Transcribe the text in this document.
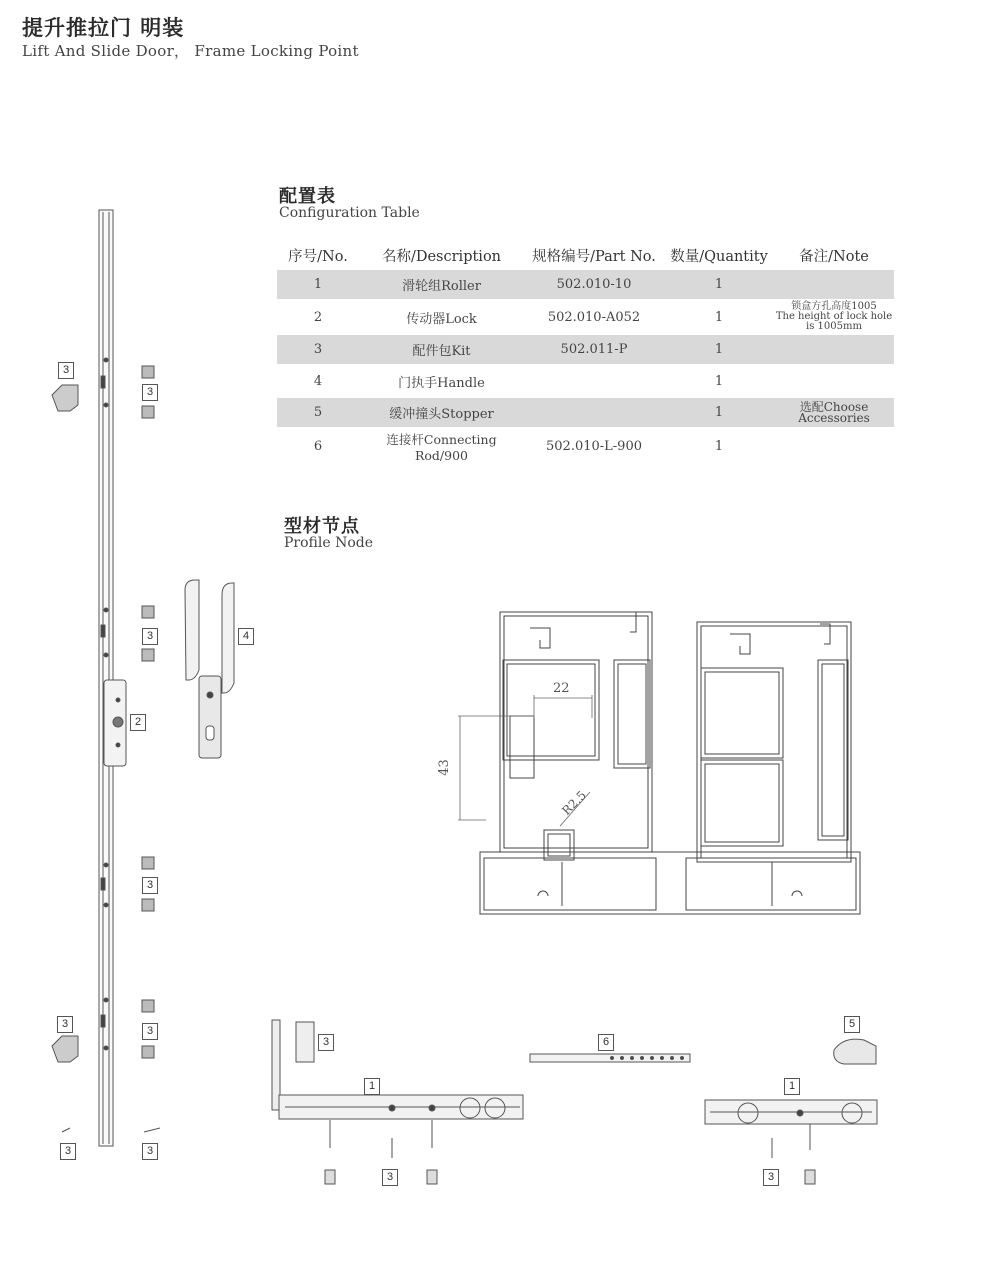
提升推拉门 明装
Lift And Slide Door， Frame Locking Point
配置表
Configuration Table
序号/No.	名称/Description	规格编号/Part No.	数量/Quantity	备注/Note
1	滑轮组Roller	502.010-10	1	
2	传动器Lock	502.010-A052	1	锁盒方孔高度1005
The height of lock hole
is 1005mm

3	配件包Kit	502.011-P	1	
4	门执手Handle		1	
5	缓冲撞头Stopper		1	选配Choose
Accessories

6	连接杆Connecting Rod/900	502.010-L-900	1	
型材节点
Profile Node
22
43
R2.5
3
3
3
2
4
3
3
3
3	3
3
1
3
6
5
1
3
